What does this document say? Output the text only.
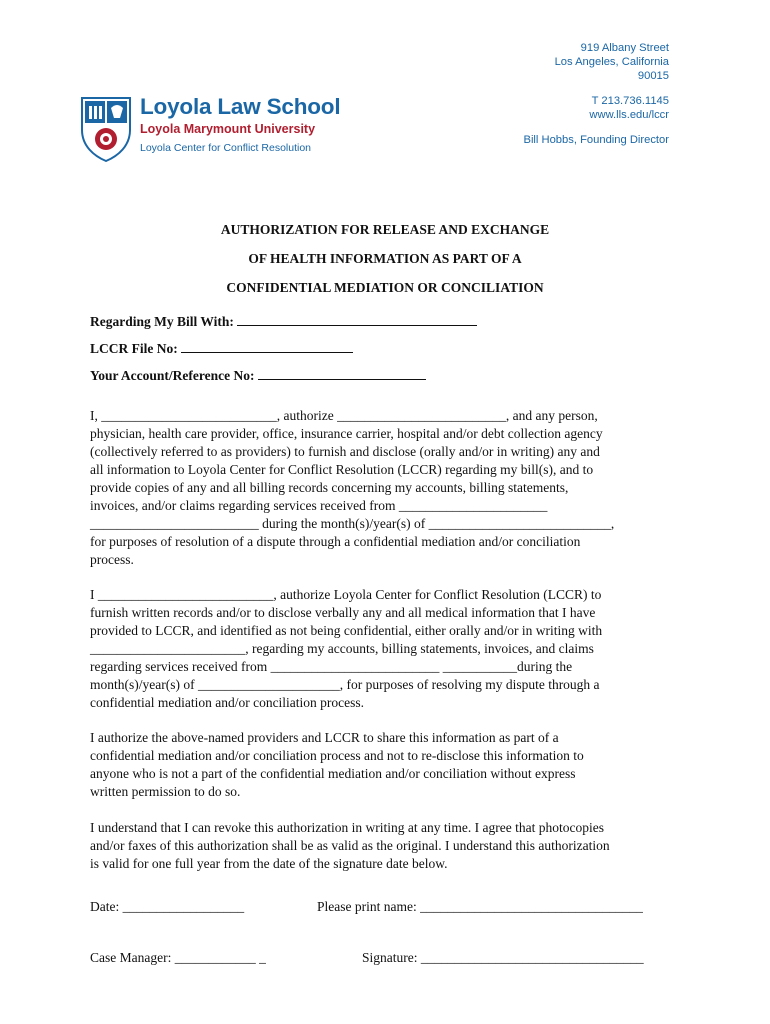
Loyola Law School
Loyola Marymount University
Loyola Center for Conflict Resolution
919 Albany Street
Los Angeles, California
90015
T 213.736.1145
www.lls.edu/lccr
Bill Hobbs, Founding Director
AUTHORIZATION FOR RELEASE AND EXCHANGE
OF HEALTH INFORMATION AS PART OF A
CONFIDENTIAL MEDIATION OR CONCILIATION
Regarding My Bill With:
LCCR File No:
Your Account/Reference No:
I, __________________________, authorize _________________________, and any person,
physician, health care provider, office, insurance carrier, hospital and/or debt collection agency
(collectively referred to as providers) to furnish and disclose (orally and/or in writing) any and
all information to Loyola Center for Conflict Resolution (LCCR) regarding my bill(s), and to
provide copies of any and all billing records concerning my accounts, billing statements,
invoices, and/or claims regarding services received from ______________________
_________________________ during the month(s)/year(s) of ___________________________,
for purposes of resolution of a dispute through a confidential mediation and/or conciliation
process.
I __________________________, authorize Loyola Center for Conflict Resolution (LCCR) to
furnish written records and/or to disclose verbally any and all medical information that I have
provided to LCCR, and identified as not being confidential, either orally and/or in writing with
_______________________, regarding my accounts, billing statements, invoices, and claims
regarding services received from _________________________ ___________during the
month(s)/year(s) of _____________________, for purposes of resolving my dispute through a
confidential mediation and/or conciliation process.
I authorize the above-named providers and LCCR to share this information as part of a
confidential mediation and/or conciliation process and not to re-disclose this information to
anyone who is not a part of the confidential mediation and/or conciliation without express
written permission to do so.
I understand that I can revoke this authorization in writing at any time. I agree that photocopies
and/or faxes of this authorization shall be as valid as the original. I understand this authorization
is valid for one full year from the date of the signature date below.
Date: __________________	Please print name: _________________________________
Case Manager: ____________ _	Signature: _________________________________
